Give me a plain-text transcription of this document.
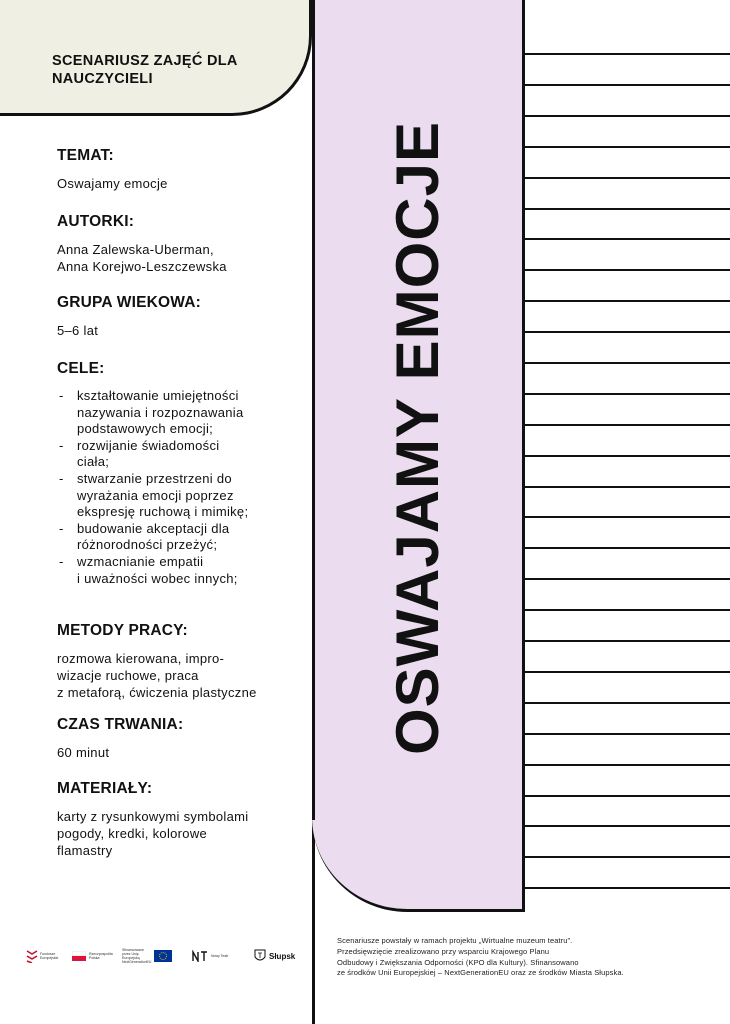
SCENARIUSZ ZAJĘĆ DLA NAUCZYCIELI
OSWAJAMY EMOCJE
TEMAT:
Oswajamy emocje
AUTORKI:
Anna Zalewska-Uberman,
Anna Korejwo-Leszczewska
GRUPA WIEKOWA:
5–6 lat
CELE:
- kształtowanie umiejętności
nazywania i rozpoznawania
podstawowych emocji;
- rozwijanie świadomości
ciała;
- stwarzanie przestrzeni do
wyrażania emocji poprzez
ekspresję ruchową i mimikę;
- budowanie akceptacji dla
różnorodności przeżyć;
- wzmacnianie empatii
i uważności wobec innych;
METODY PRACY:
rozmowa kierowana, impro-
wizacje ruchowe, praca
z metaforą, ćwiczenia plastyczne
CZAS TRWANIA:
60 minut
MATERIAŁY:
karty z rysunkowymi symbolami
pogody, kredki, kolorowe
flamastry
Fundusze Europejskie
Rzeczpospolita Polska
Sfinansowane przez Unię Europejską NextGenerationEU
Nowy Teatr	Słupsk
Scenariusze powstały w ramach projektu „Wirtualne muzeum teatru”.
Przedsięwzięcie zrealizowano przy wsparciu Krajowego Planu
Odbudowy i Zwiększania Odporności (KPO dla Kultury). Sfinansowano
ze środków Unii Europejskiej – NextGenerationEU oraz ze środków Miasta Słupska.
